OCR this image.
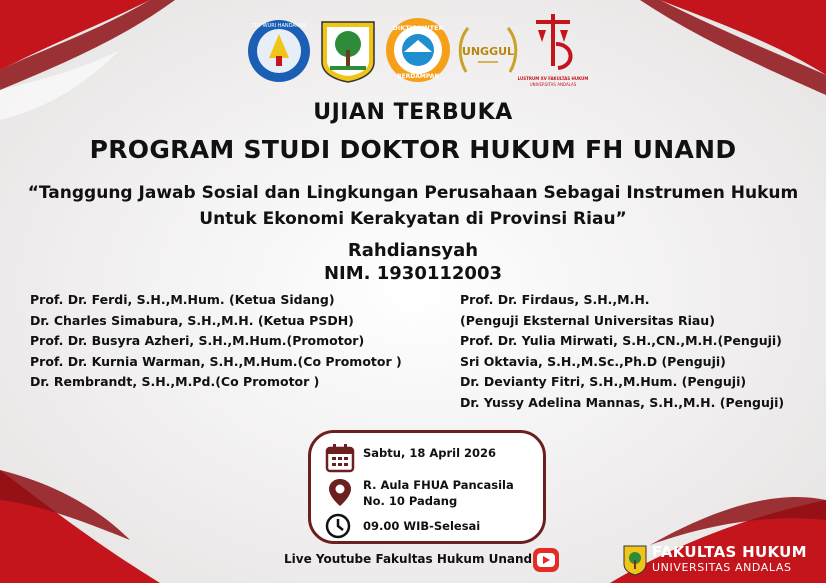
TUT WURI HANDAYANI	DIKTISAINTEK
BERDAMPAK
UNGGUL
LUSTRUM XV FAKULTAS HUKUM
UNIVERSITAS ANDALAS
UJIAN TERBUKA
PROGRAM STUDI DOKTOR HUKUM FH UNAND
“Tanggung Jawab Sosial dan Lingkungan Perusahaan Sebagai Instrumen Hukum
Untuk Ekonomi Kerakyatan di Provinsi Riau”
Rahdiansyah
NIM. 1930112003
Prof. Dr. Ferdi, S.H.,M.Hum. (Ketua Sidang)
Dr. Charles Simabura, S.H.,M.H. (Ketua PSDH)
Prof. Dr. Busyra Azheri, S.H.,M.Hum.(Promotor)
Prof. Dr. Kurnia Warman, S.H.,M.Hum.(Co Promotor )
Dr. Rembrandt, S.H.,M.Pd.(Co Promotor )
Prof. Dr. Firdaus, S.H.,M.H.
(Penguji Eksternal Universitas Riau)
Prof. Dr. Yulia Mirwati, S.H.,CN.,M.H.(Penguji)
Sri Oktavia, S.H.,M.Sc.,Ph.D (Penguji)
Dr. Devianty Fitri, S.H.,M.Hum. (Penguji)
Dr. Yussy Adelina Mannas, S.H.,M.H. (Penguji)
Sabtu, 18 April 2026
R. Aula FHUA Pancasila
No. 10 Padang
09.00 WIB-Selesai
Live Youtube Fakultas Hukum Unand	FAKULTAS HUKUM
UNIVERSITAS ANDALAS
